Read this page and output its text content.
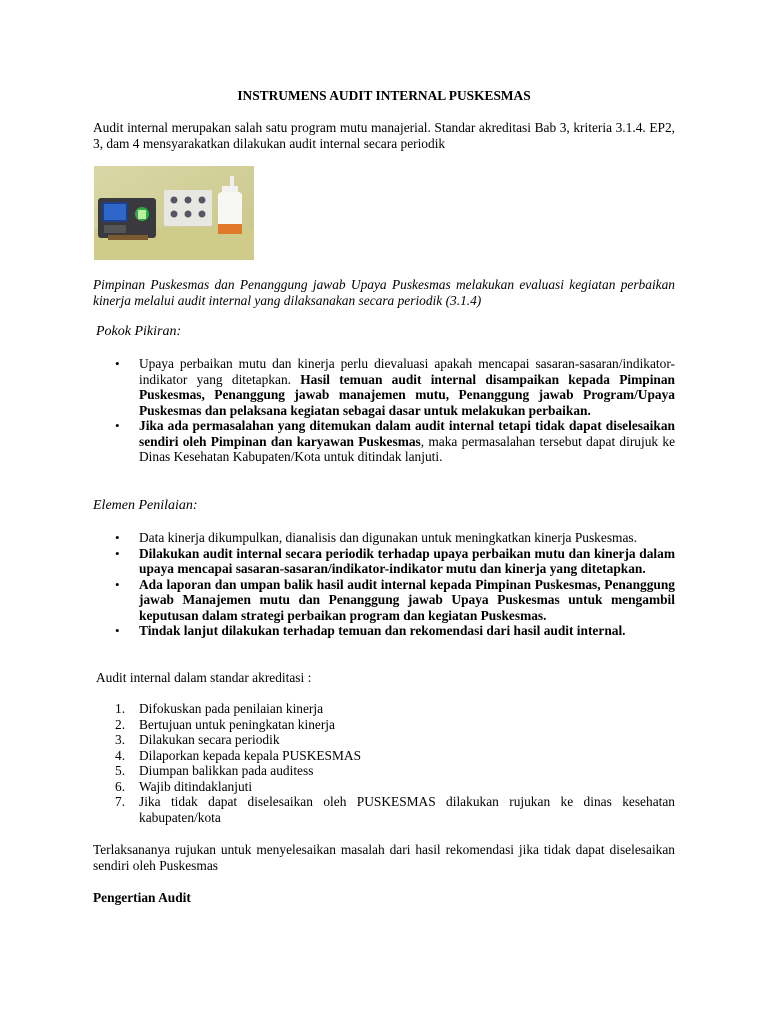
INSTRUMENS AUDIT INTERNAL PUSKESMAS
Audit internal merupakan salah satu program mutu manajerial. Standar akreditasi Bab 3, kriteria 3.1.4. EP2, 3, dam 4 mensyarakatkan dilakukan audit internal secara periodik
Pimpinan Puskesmas dan Penanggung jawab Upaya Puskesmas melakukan evaluasi kegiatan perbaikan kinerja melalui audit internal yang dilaksanakan secara periodik (3.1.4)
Pokok Pikiran:
• Upaya perbaikan mutu dan kinerja perlu dievaluasi apakah mencapai sasaran-sasaran/indikator-indikator yang ditetapkan. Hasil temuan audit internal disampaikan kepada Pimpinan Puskesmas, Penanggung jawab manajemen mutu, Penanggung jawab Program/Upaya Puskesmas dan pelaksana kegiatan sebagai dasar untuk melakukan perbaikan.
• Jika ada permasalahan yang ditemukan dalam audit internal tetapi tidak dapat diselesaikan sendiri oleh Pimpinan dan karyawan Puskesmas, maka permasalahan tersebut dapat dirujuk ke Dinas Kesehatan Kabupaten/Kota untuk ditindak lanjuti.
Elemen Penilaian:
• Data kinerja dikumpulkan, dianalisis dan digunakan untuk meningkatkan kinerja Puskesmas.
• Dilakukan audit internal secara periodik terhadap upaya perbaikan mutu dan kinerja dalam upaya mencapai sasaran-sasaran/indikator-indikator mutu dan kinerja yang ditetapkan.
• Ada laporan dan umpan balik hasil audit internal kepada Pimpinan Puskesmas, Penanggung jawab Manajemen mutu dan Penanggung jawab Upaya Puskesmas untuk mengambil keputusan dalam strategi perbaikan program dan kegiatan Puskesmas.
• Tindak lanjut dilakukan terhadap temuan dan rekomendasi dari hasil audit internal.
Audit internal dalam standar akreditasi :
1. Difokuskan pada penilaian kinerja
2. Bertujuan untuk peningkatan kinerja
3. Dilakukan secara periodik
4. Dilaporkan kepada kepala PUSKESMAS
5. Diumpan balikkan pada auditess
6. Wajib ditindaklanjuti
7. Jika tidak dapat diselesaikan oleh PUSKESMAS dilakukan rujukan ke dinas kesehatan kabupaten/kota
Terlaksananya rujukan untuk menyelesaikan masalah dari hasil rekomendasi jika tidak dapat diselesaikan sendiri oleh Puskesmas
Pengertian Audit
